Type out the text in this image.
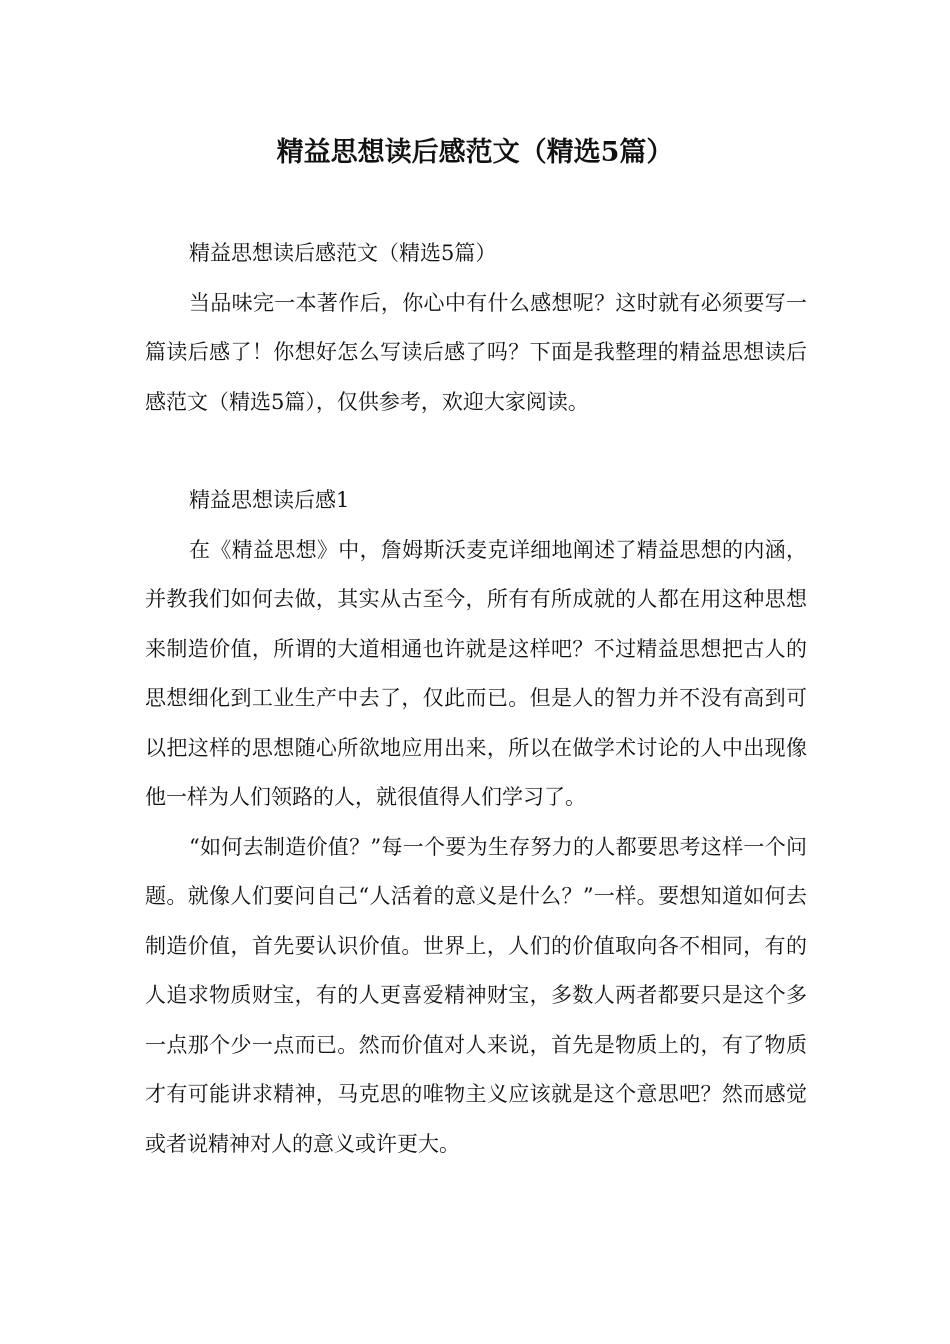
精益思想读后感范文（精选5篇）

精益思想读后感范文（精选5篇）

当品味完一本著作后，你心中有什么感想呢？这时就有必须要写一篇读后感了！你想好怎么写读后感了吗？下面是我整理的精益思想读后感范文（精选5篇），仅供参考，欢迎大家阅读。

精益思想读后感1

在《精益思想》中，詹姆斯沃麦克详细地阐述了精益思想的内涵，并教我们如何去做，其实从古至今，所有有所成就的人都在用这种思想来制造价值，所谓的大道相通也许就是这样吧？不过精益思想把古人的思想细化到工业生产中去了，仅此而已。但是人的智力并不没有高到可以把这样的思想随心所欲地应用出来，所以在做学术讨论的人中出现像他一样为人们领路的人，就很值得人们学习了。

“如何去制造价值？”每一个要为生存努力的人都要思考这样一个问题。就像人们要问自己“人活着的意义是什么？”一样。要想知道如何去制造价值，首先要认识价值。世界上，人们的价值取向各不相同，有的人追求物质财宝，有的人更喜爱精神财宝，多数人两者都要只是这个多一点那个少一点而已。然而价值对人来说，首先是物质上的，有了物质才有可能讲求精神，马克思的唯物主义应该就是这个意思吧？然而感觉或者说精神对人的意义或许更大。
